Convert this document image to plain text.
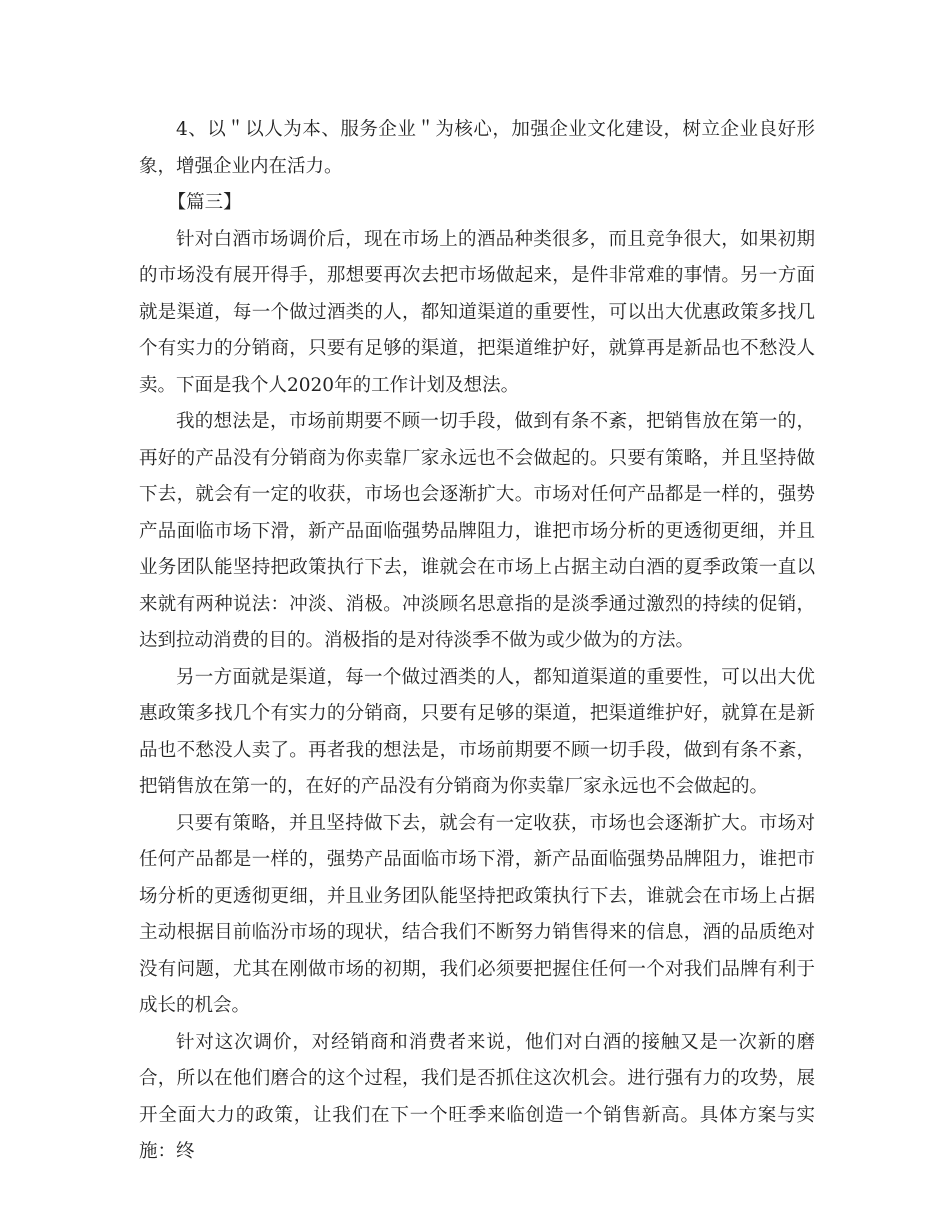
4、以＂以人为本、服务企业＂为核心，加强企业文化建设，树立企业良好形象，增强企业内在活力。

【篇三】

针对白酒市场调价后，现在市场上的酒品种类很多，而且竞争很大，如果初期的市场没有展开得手，那想要再次去把市场做起来，是件非常难的事情。另一方面就是渠道，每一个做过酒类的人，都知道渠道的重要性，可以出大优惠政策多找几个有实力的分销商，只要有足够的渠道，把渠道维护好，就算再是新品也不愁没人卖。下面是我个人2020年的工作计划及想法。

我的想法是，市场前期要不顾一切手段，做到有条不紊，把销售放在第一的，再好的产品没有分销商为你卖靠厂家永远也不会做起的。只要有策略，并且坚持做下去，就会有一定的收获，市场也会逐渐扩大。市场对任何产品都是一样的，强势产品面临市场下滑，新产品面临强势品牌阻力，谁把市场分析的更透彻更细，并且业务团队能坚持把政策执行下去，谁就会在市场上占据主动白酒的夏季政策一直以来就有两种说法：冲淡、消极。冲淡顾名思意指的是淡季通过激烈的持续的促销，达到拉动消费的目的。消极指的是对待淡季不做为或少做为的方法。

另一方面就是渠道，每一个做过酒类的人，都知道渠道的重要性，可以出大优惠政策多找几个有实力的分销商，只要有足够的渠道，把渠道维护好，就算在是新品也不愁没人卖了。再者我的想法是，市场前期要不顾一切手段，做到有条不紊，把销售放在第一的，在好的产品没有分销商为你卖靠厂家永远也不会做起的。

只要有策略，并且坚持做下去，就会有一定收获，市场也会逐渐扩大。市场对任何产品都是一样的，强势产品面临市场下滑，新产品面临强势品牌阻力，谁把市场分析的更透彻更细，并且业务团队能坚持把政策执行下去，谁就会在市场上占据主动根据目前临汾市场的现状，结合我们不断努力销售得来的信息，酒的品质绝对没有问题，尤其在刚做市场的初期，我们必须要把握住任何一个对我们品牌有利于成长的机会。

针对这次调价，对经销商和消费者来说，他们对白酒的接触又是一次新的磨合，所以在他们磨合的这个过程，我们是否抓住这次机会。进行强有力的攻势，展开全面大力的政策，让我们在下一个旺季来临创造一个销售新高。具体方案与实施：终
